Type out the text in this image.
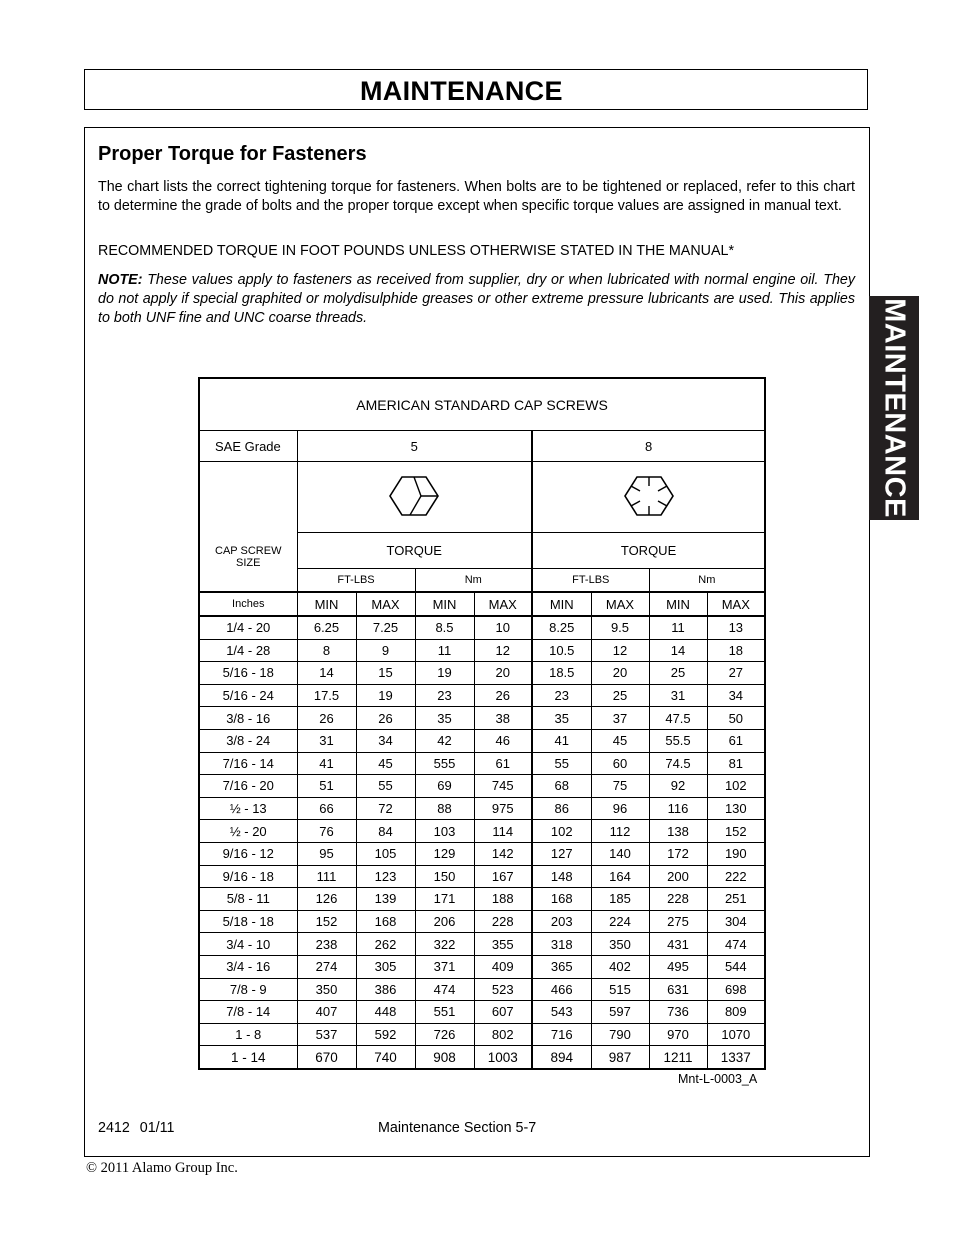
MAINTENANCE
MAINTENANCE
Proper Torque for Fasteners

The chart lists the correct tightening torque for fasteners. When bolts are to be tightened or replaced, refer to this chart to determine the grade of bolts and the proper torque except when specific torque values are assigned in manual text.

RECOMMENDED TORQUE IN FOOT POUNDS UNLESS OTHERWISE STATED IN THE MANUAL*

NOTE: These values apply to fasteners as received from supplier, dry or when lubricated with normal engine oil. They do not apply if special graphited or molydisulphide greases or other extreme pressure lubricants are used. This applies to both UNF fine and UNC coarse threads.

AMERICAN STANDARD CAP SCREWS								
SAE Grade	5				8			

CAP SCREW
SIZE

	TORQUE				TORQUE			
	FT-LBS		Nm		FT-LBS		Nm	
Inches	MIN	MAX	MIN	MAX	MIN	MAX	MIN	MAX
1/4 - 20	6.25	7.25	8.5	10	8.25	9.5	11	13
1/4 - 28	8	9	11	12	10.5	12	14	18
5/16 - 18	14	15	19	20	18.5	20	25	27
5/16 - 24	17.5	19	23	26	23	25	31	34
3/8 - 16	26	26	35	38	35	37	47.5	50
3/8 - 24	31	34	42	46	41	45	55.5	61
7/16 - 14	41	45	555	61	55	60	74.5	81
7/16 - 20	51	55	69	745	68	75	92	102
½ - 13	66	72	88	975	86	96	116	130
½ - 20	76	84	103	114	102	112	138	152
9/16 - 12	95	105	129	142	127	140	172	190
9/16 - 18	111	123	150	167	148	164	200	222
5/8 - 11	126	139	171	188	168	185	228	251
5/18 - 18	152	168	206	228	203	224	275	304
3/4 - 10	238	262	322	355	318	350	431	474
3/4 - 16	274	305	371	409	365	402	495	544
7/8 - 9	350	386	474	523	466	515	631	698
7/8 - 14	407	448	551	607	543	597	736	809
1 - 8	537	592	726	802	716	790	970	1070
1 - 14	670	740	908	1003	894	987	1211	1337
Mnt-L-0003_A
2412 01/11	Maintenance Section 5-7
© 2011 Alamo Group Inc.
